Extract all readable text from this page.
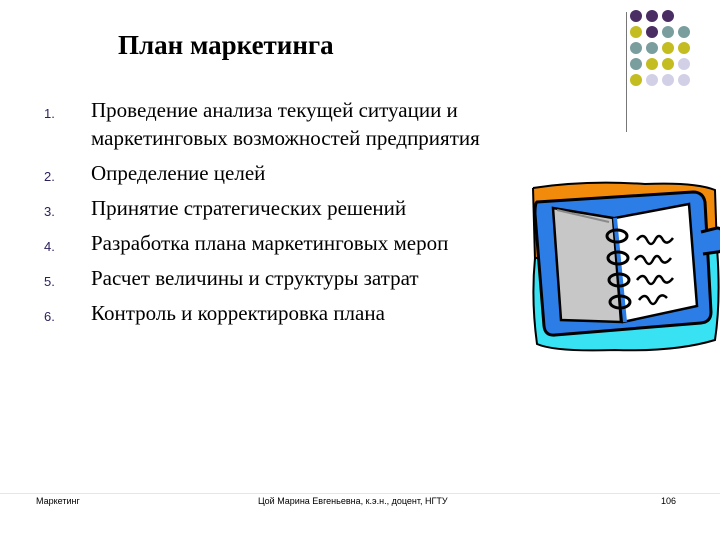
План маркетинга
1. Проведение анализа текущей ситуации и
маркетинговых возможностей предприятия
2. Определение целей
3. Принятие стратегических решений
4. Разработка плана маркетинговых мероп
5. Расчет величины и структуры затрат
6. Контроль и корректировка плана
Маркетинг	Цой Марина Евгеньевна, к.э.н., доцент, НГТУ	106
